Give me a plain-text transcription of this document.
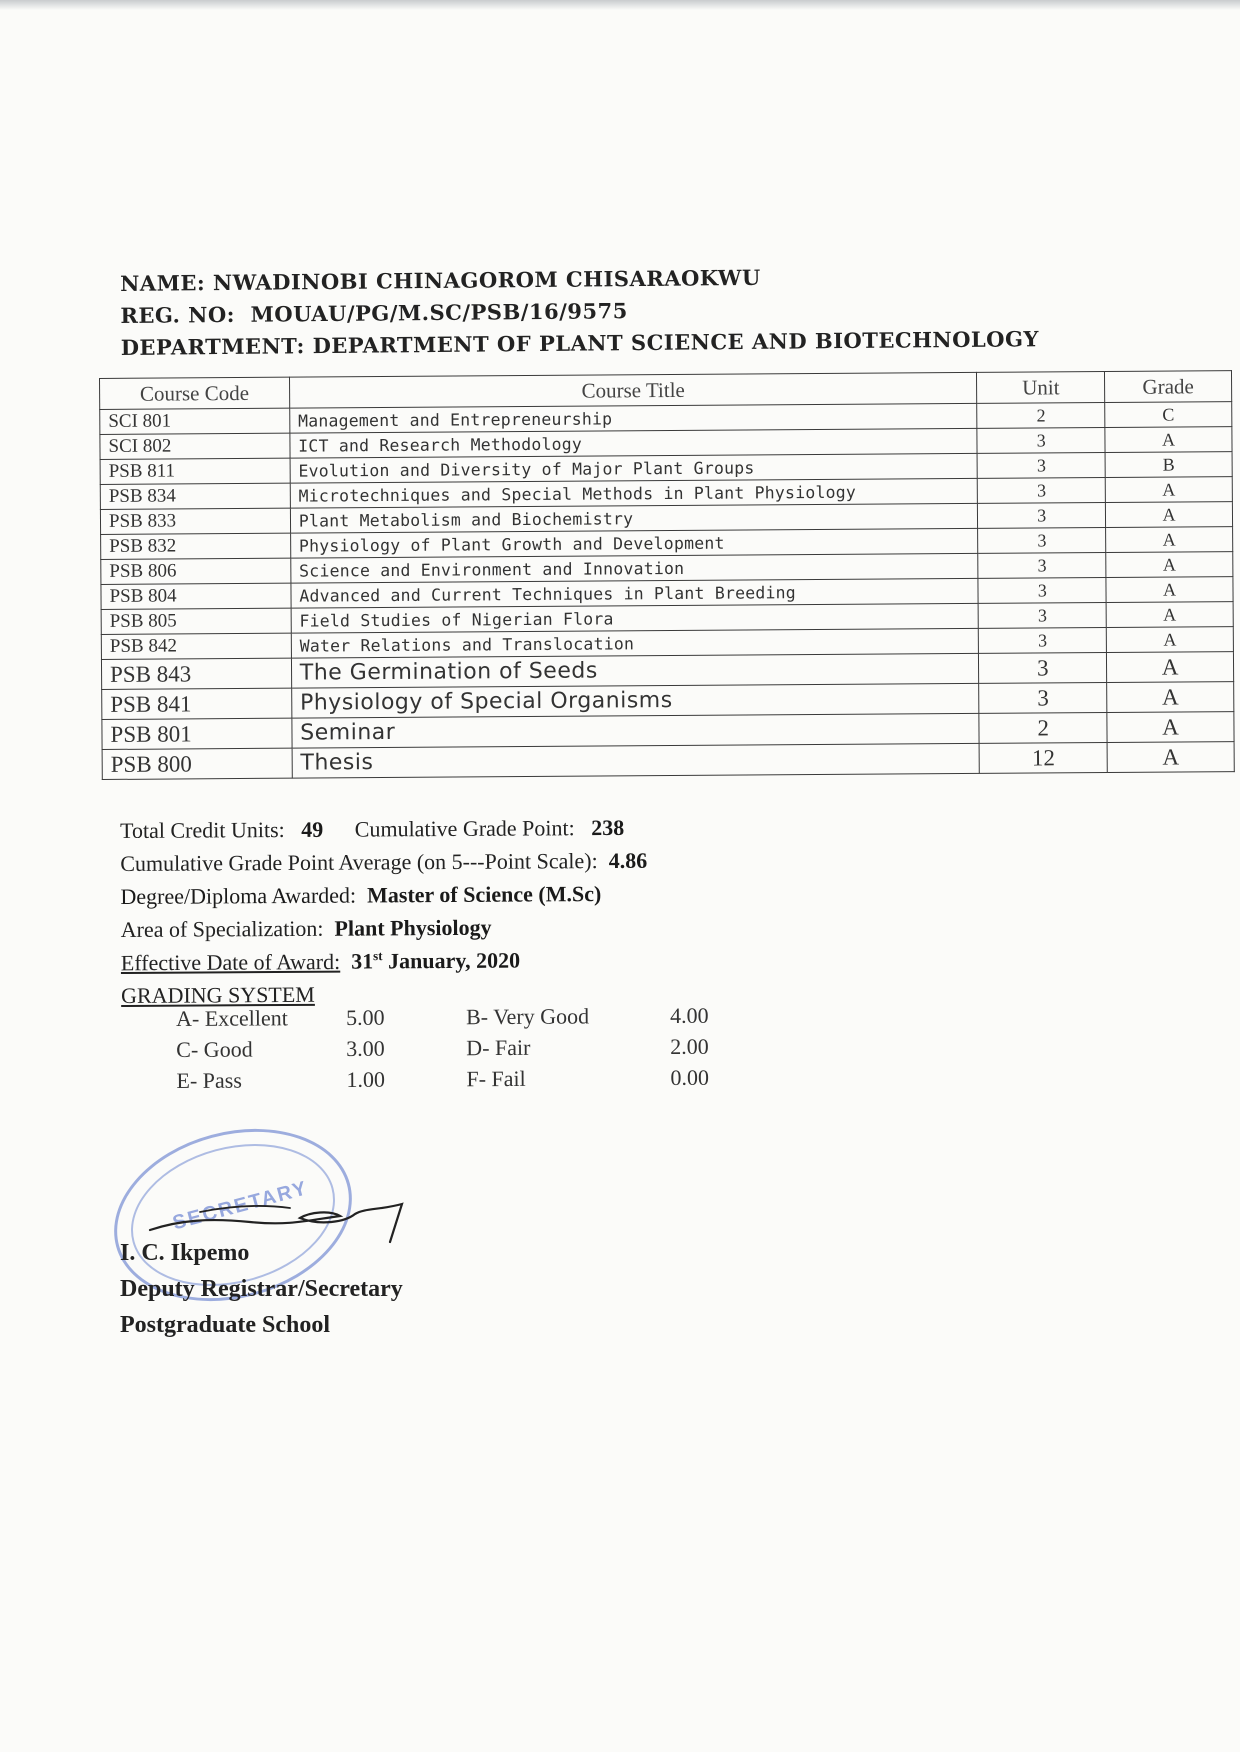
NAME: NWADINOBI CHINAGOROM CHISARAOKWU
REG. NO: MOUAU/PG/M.SC/PSB/16/9575
DEPARTMENT: DEPARTMENT OF PLANT SCIENCE AND BIOTECHNOLOGY
Course Code	Course Title	Unit	Grade
SCI 801	Management and Entrepreneurship	2	C
SCI 802	ICT and Research Methodology	3	A
PSB 811	Evolution and Diversity of Major Plant Groups	3	B
PSB 834	Microtechniques and Special Methods in Plant Physiology	3	A
PSB 833	Plant Metabolism and Biochemistry	3	A
PSB 832	Physiology of Plant Growth and Development	3	A
PSB 806	Science and Environment and Innovation	3	A
PSB 804	Advanced and Current Techniques in Plant Breeding	3	A
PSB 805	Field Studies of Nigerian Flora	3	A
PSB 842	Water Relations and Translocation	3	A
PSB 843	The Germination of Seeds	3	A
PSB 841	Physiology of Special Organisms	3	A
PSB 801	Seminar	2	A
PSB 800	Thesis	12	A
Total Credit Units: 49 Cumulative Grade Point: 238
Cumulative Grade Point Average (on 5---Point Scale): 4.86
Degree/Diploma Awarded: Master of Science (M.Sc)
Area of Specialization: Plant Physiology
Effective Date of Award: 31st January, 2020
GRADING SYSTEM
A- Excellent	5.00	B- Very Good	4.00
C- Good	3.00	D- Fair	2.00
E- Pass	1.00	F- Fail	0.00
SECRETARY
I. C. Ikpemo
Deputy Registrar/Secretary
Postgraduate School
